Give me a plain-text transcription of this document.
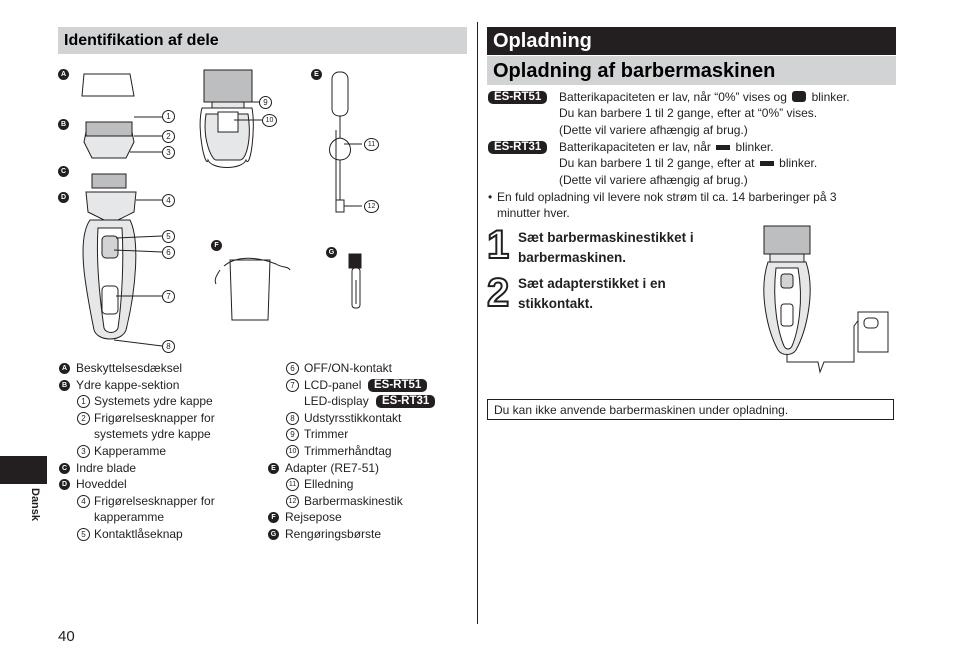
Identifikation af dele
A
B
C
D
E
F
G
1
2
3
4
5
6
7
8
9
10
11
12
A Beskyttelsesdæksel
B Ydre kappe-sektion
1 Systemets ydre kappe
2 Frigørelsesknapper for
systemets ydre kappe
3 Kapperamme
C Indre blade
D Hoveddel
4 Frigørelsesknapper for
kapperamme
5 Kontaktlåseknap
6 OFF/ON-kontakt
7 LCD-panel	ES-RT51
LED-display	ES-RT31
8 Udstyrsstikkontakt
9 Trimmer
10 Trimmerhåndtag
E Adapter (RE7-51)
11 Elledning
12 Barbermaskinestik
F Rejsepose
G Rengøringsbørste
Dansk
40
Opladning
Opladning af barbermaskinen
ES-RT51	Batterikapaciteten er lav, når “0%” vises og blinker.
Du kan barbere 1 til 2 gange, efter at “0%” vises.
(Dette vil variere afhængig af brug.)
ES-RT31	Batterikapaciteten er lav, når blinker.
Du kan barbere 1 til 2 gange, efter at blinker.
(Dette vil variere afhængig af brug.)
• En fuld opladning vil levere nok strøm til ca. 14 barberinger på 3
minutter hver.
1 Sæt barbermaskinestikket i
barbermaskinen.
2 Sæt adapterstikket i en
stikkontakt.
Du kan ikke anvende barbermaskinen under opladning.
